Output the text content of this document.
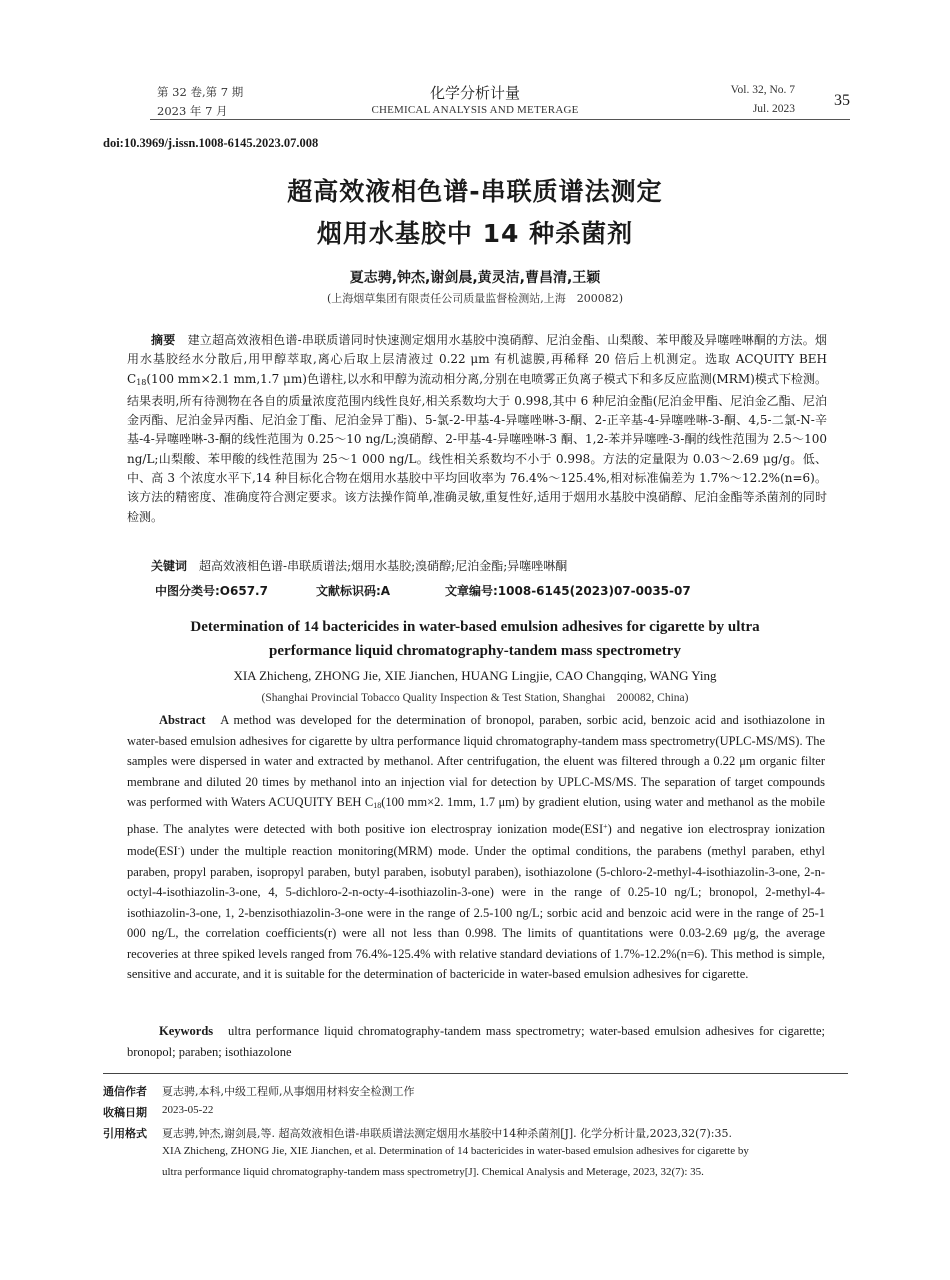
第 32 卷,第 7 期
2023 年 7 月
化学分析计量
CHEMICAL ANALYSIS AND METERAGE
Vol. 32, No. 7
Jul. 2023	35
doi:10.3969/j.issn.1008-6145.2023.07.008
超高效液相色谱-串联质谱法测定
烟用水基胶中 14 种杀菌剂
夏志骋,钟杰,谢剑晨,黄灵洁,曹昌清,王颖
(上海烟草集团有限责任公司质量监督检测站,上海　200082)
摘要　 建立超高效液相色谱-串联质谱同时快速测定烟用水基胶中溴硝醇、尼泊金酯、山梨酸、苯甲酸及异噻唑啉酮的方法。烟用水基胶经水分散后,用甲醇萃取,离心后取上层清液过 0.22 μm 有机滤膜,再稀释 20 倍后上机测定。选取 ACQUITY BEH $C_{18}(100$ mm×2.1 mm,1.7 μm)色谱柱,以水和甲醇为流动相分离,分别在电喷雾正负离子模式下和多反应监测(MRM)模式下检测。结果表明,所有待测物在各自的质量浓度范围内线性良好,相关系数均大于 0.998,其中 6 种尼泊金酯(尼泊金甲酯、尼泊金乙酯、尼泊金丙酯、尼泊金异丙酯、尼泊金丁酯、尼泊金异丁酯)、5-氯-2-甲基-4-异噻唑啉-3-酮、2-正辛基-4-异噻唑啉-3-酮、4,5-二氯-N-辛基-4-异噻唑啉-3-酮的线性范围为 0.25～10 ng/L;溴硝醇、2-甲基-4-异噻唑啉-3 酮、1,2-苯并异噻唑-3-酮的线性范围为 2.5～100 ng/L;山梨酸、苯甲酸的线性范围为 25～1 000 ng/L。线性相关系数均不小于 0.998。方法的定量限为 0.03～2.69 μg/g。低、中、高 3 个浓度水平下,14 种目标化合物在烟用水基胶中平均回收率为 76.4%～125.4%,相对标准偏差为 1.7%～12.2%(n=6)。该方法的精密度、准确度符合测定要求。该方法操作简单,准确灵敏,重复性好,适用于烟用水基胶中溴硝醇、尼泊金酯等杀菌剂的同时检测。
关键词　 超高效液相色谱-串联质谱法;烟用水基胶;溴硝醇;尼泊金酯;异噻唑啉酮
中图分类号:O657.7	文献标识码:A	文章编号:1008-6145(2023)07-0035-07
Determination of 14 bactericides in water-based emulsion adhesives for cigarette by ultra
performance liquid chromatography-tandem mass spectrometry
XIA Zhicheng, ZHONG Jie, XIE Jianchen, HUANG Lingjie, CAO Changqing, WANG Ying
(Shanghai Provincial Tobacco Quality Inspection & Test Station, Shanghai　200082, China)
Abstract A method was developed for the determination of bronopol, paraben, sorbic acid, benzoic acid and isothiazolone in water-based emulsion adhesives for cigarette by ultra performance liquid chromatography-tandem mass spectrometry(UPLC-MS/MS). The samples were dispersed in water and extracted by methanol. After centrifugation, the eluent was filtered through a 0.22 μm organic filter membrane and diluted 20 times by methanol into an injection vial for detection by UPLC-MS/MS. The separation of target compounds was performed with Waters ACUQUITY BEH $C_{18}(100$ mm×2. 1mm, 1.7 μm) by gradient elution, using water and methanol as the mobile phase. The analytes were detected with both positive ion electrospray ionization mode(ESI+) and negative ion electrospray ionization mode(ESI-) under the multiple reaction monitoring(MRM) mode. Under the optimal conditions, the parabens (methyl paraben, ethyl paraben, propyl paraben, isopropyl paraben, butyl paraben, isobutyl paraben), isothiazolone (5-chloro-2-methyl-4-isothiazolin-3-one, 2-n-octyl-4-isothiazolin-3-one, 4, 5-dichloro-2-n-octy-4-isothiazolin-3-one) were in the range of 0.25-10 ng/L; bronopol, 2-methyl-4-isothiazolin-3-one, 1, 2-benzisothiazolin-3-one were in the range of 2.5-100 ng/L; sorbic acid and benzoic acid were in the range of 25-1 000 ng/L, the correlation coefficients(r) were all not less than 0.998. The limits of quantitations were 0.03-2.69 μg/g, the average recoveries at three spiked levels ranged from 76.4%-125.4% with relative standard deviations of 1.7%-12.2%(n=6). This method is simple, sensitive and accurate, and it is suitable for the determination of bactericide in water-based emulsion adhesives for cigarette.
Keywords ultra performance liquid chromatography-tandem mass spectrometry; water-based emulsion adhesives for cigarette; bronopol; paraben; isothiazolone
通信作者 夏志骋,本科,中级工程师,从事烟用材料安全检测工作
收稿日期 2023-05-22
引用格式 夏志骋,钟杰,谢剑晨,等. 超高效液相色谱-串联质谱法测定烟用水基胶中14种杀菌剂[J]. 化学分析计量,2023,32(7):35.
XIA Zhicheng, ZHONG Jie, XIE Jianchen, et al. Determination of 14 bactericides in water-based emulsion adhesives for cigarette by
ultra performance liquid chromatography-tandem mass spectrometry[J]. Chemical Analysis and Meterage, 2023, 32(7): 35.
